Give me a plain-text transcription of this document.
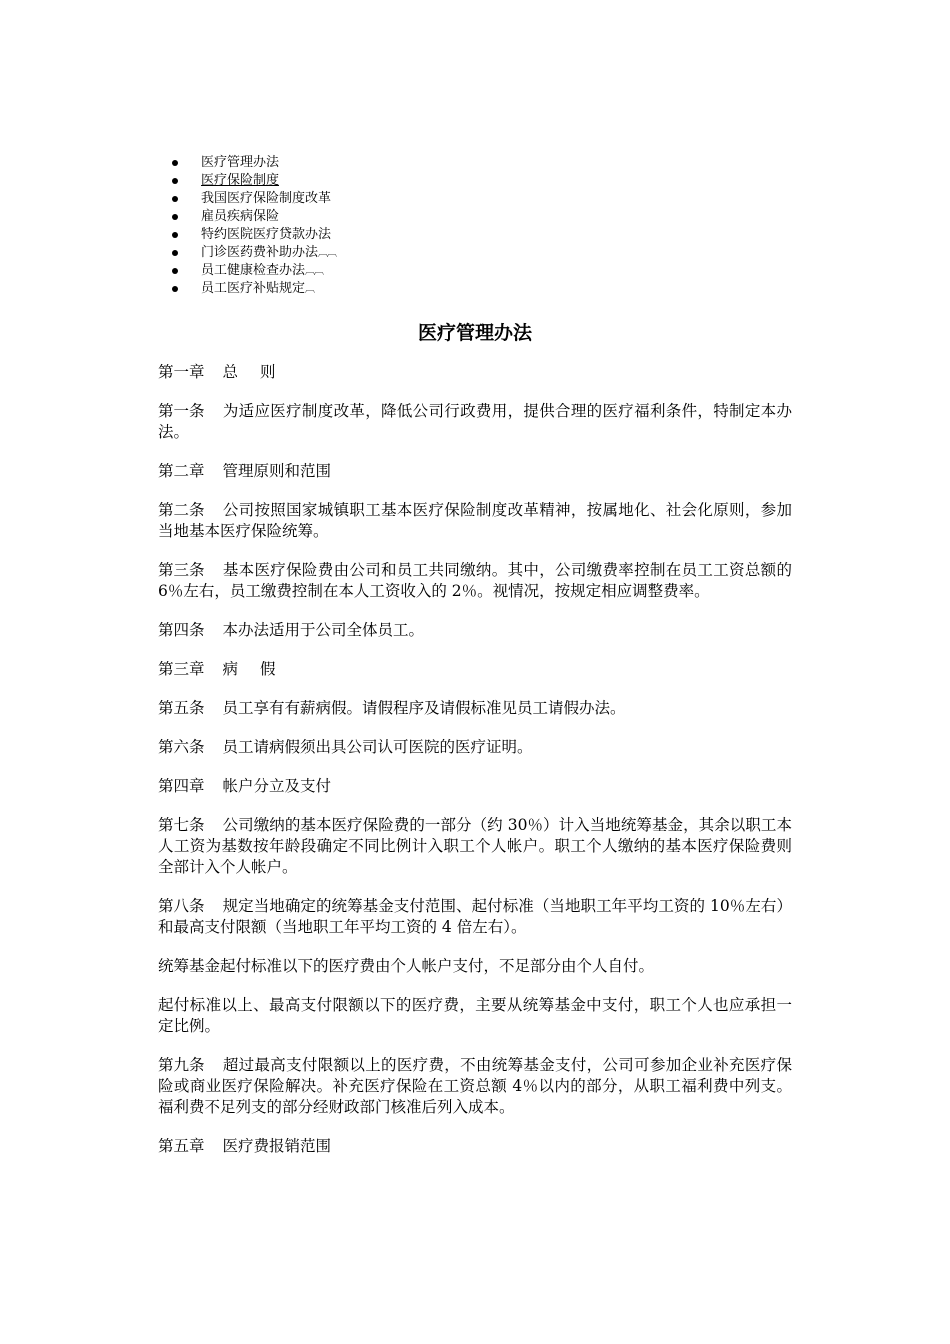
医疗管理办法
医疗保险制度
我国医疗保险制度改革
雇员疾病保险
特约医院医疗贷款办法
门诊医药费补助办法︹︹
员工健康检查办法︹︹
员工医疗补贴规定︹
医疗管理办法

第一章 总 则

第一条 为适应医疗制度改革，降低公司行政费用，提供合理的医疗福利条件，特制定本办法。

第二章 管理原则和范围

第二条 公司按照国家城镇职工基本医疗保险制度改革精神，按属地化、社会化原则，参加当地基本医疗保险统筹。

第三条 基本医疗保险费由公司和员工共同缴纳。其中，公司缴费率控制在员工工资总额的 6％左右，员工缴费控制在本人工资收入的 2％。视情况，按规定相应调整费率。

第四条 本办法适用于公司全体员工。

第三章 病 假

第五条 员工享有有薪病假。请假程序及请假标准见员工请假办法。

第六条 员工请病假须出具公司认可医院的医疗证明。

第四章 帐户分立及支付

第七条 公司缴纳的基本医疗保险费的一部分（约 30％）计入当地统筹基金，其余以职工本人工资为基数按年龄段确定不同比例计入职工个人帐户。职工个人缴纳的基本医疗保险费则全部计入个人帐户。

第八条 规定当地确定的统筹基金支付范围、起付标准（当地职工年平均工资的 10％左右）和最高支付限额（当地职工年平均工资的 4 倍左右）。

统筹基金起付标准以下的医疗费由个人帐户支付，不足部分由个人自付。

起付标准以上、最高支付限额以下的医疗费，主要从统筹基金中支付，职工个人也应承担一定比例。

第九条 超过最高支付限额以上的医疗费，不由统筹基金支付，公司可参加企业补充医疗保险或商业医疗保险解决。补充医疗保险在工资总额 4％以内的部分，从职工福利费中列支。福利费不足列支的部分经财政部门核准后列入成本。

第五章 医疗费报销范围
